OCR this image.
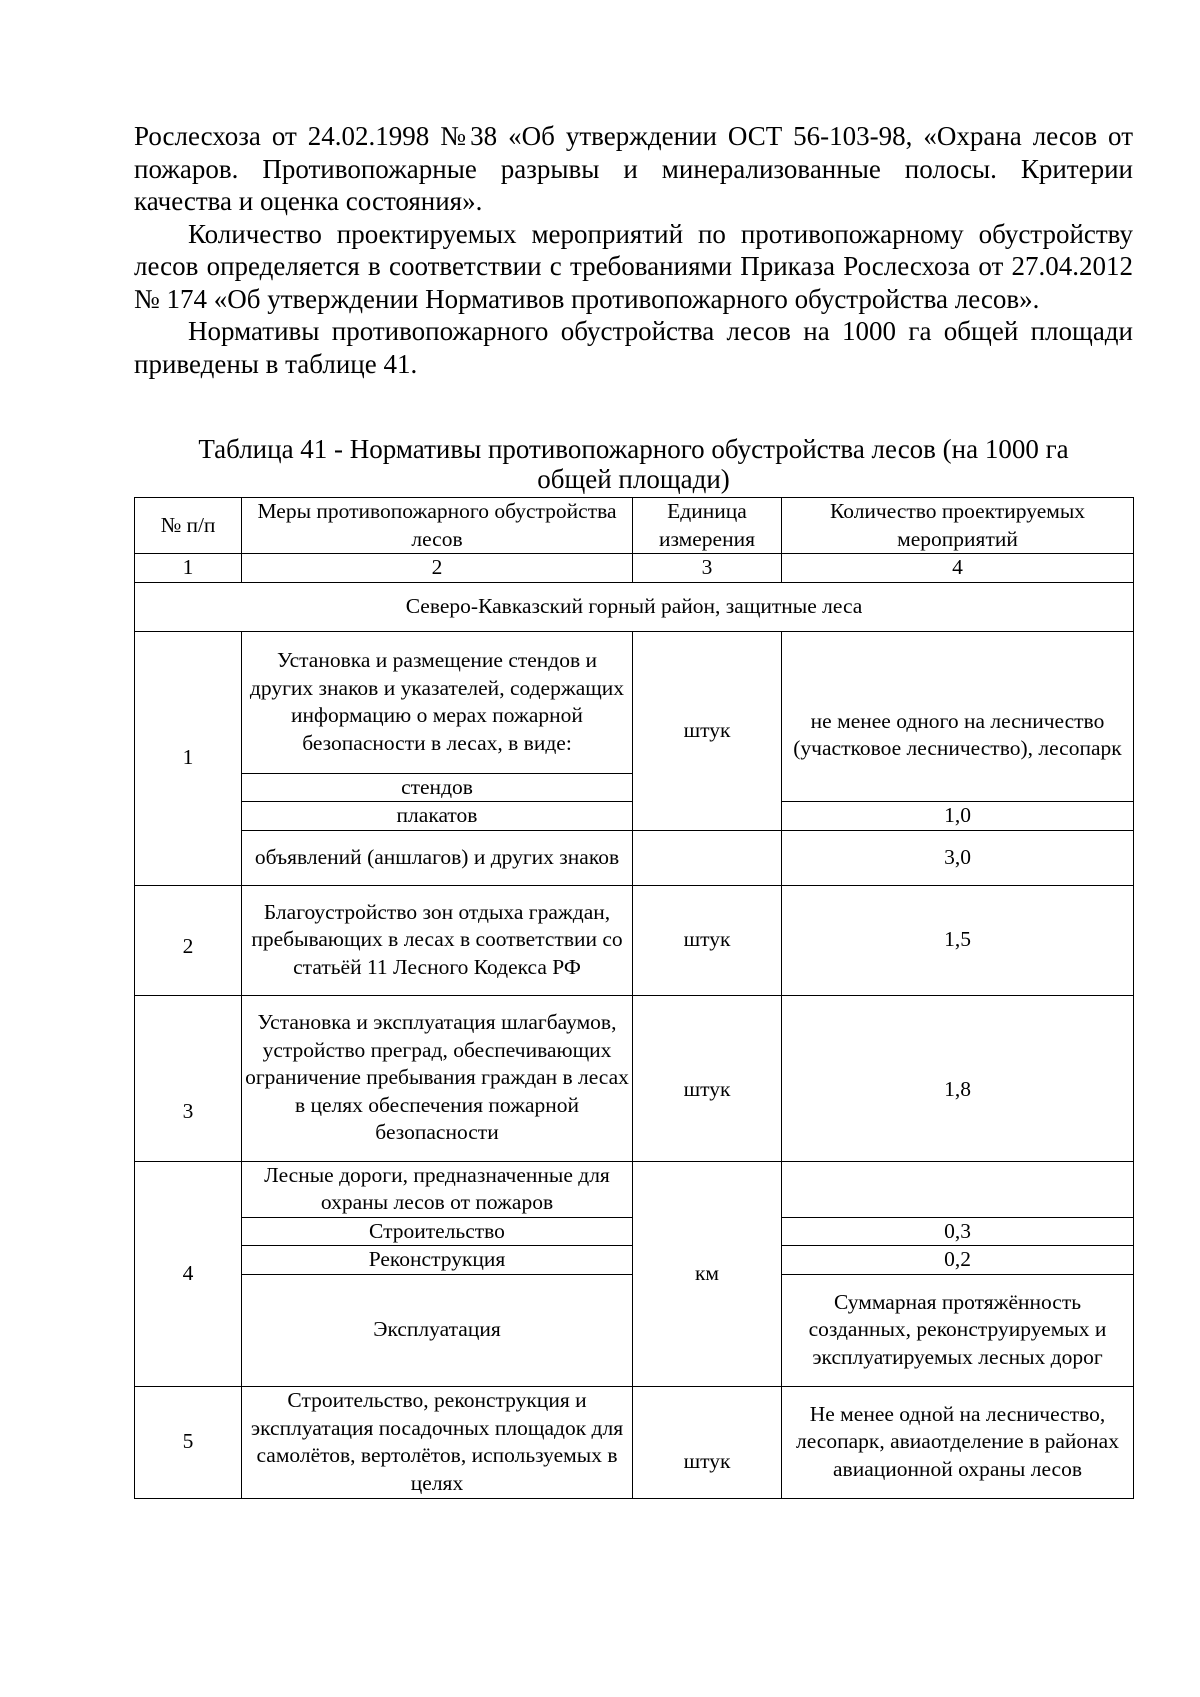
Рослесхоза от 24.02.1998 №38 «Об утверждении ОСТ 56-103-98, «Охрана лесов от пожаров. Противопожарные разрывы и минерализованные полосы. Критерии качества и оценка состояния».

Количество проектируемых мероприятий по противопожарному обустройству лесов определяется в соответствии с требованиями Приказа Рослесхоза от 27.04.2012 № 174 «Об утверждении Нормативов противопожарного обустройства лесов».

Нормативы противопожарного обустройства лесов на 1000 га общей площади приведены в таблице 41.

Таблица 41 - Нормативы противопожарного обустройства лесов (на 1000 га общей площади)
№ п/п	Меры противопожарного обустройства лесов	Единица измерения	Количество проектируемых мероприятий
1	2	3	4
Северо-Кавказский горный район, защитные леса			
1	Установка и размещение стендов и других знаков и указателей, содержащих информацию о мерах пожарной безопасности в лесах, в виде:	штук	не менее одного на лесничество (участковое лесничество), лесопарк
	стендов		
	плакатов		1,0
	объявлений (аншлагов) и других знаков		3,0
2	Благоустройство зон отдыха граждан, пребывающих в лесах в соответствии со статьёй 11 Лесного Кодекса РФ	штук	1,5
3	Установка и эксплуатация шлагбаумов, устройство преград, обеспечивающих ограничение пребывания граждан в лесах в целях обеспечения пожарной безопасности	штук	1,8
4	Лесные дороги, предназначенные для охраны лесов от пожаров	км	
	Строительство		0,3
	Реконструкция		0,2
	Эксплуатация		Суммарная протяжённость созданных, реконструируемых и эксплуатируемых лесных дорог
5	Строительство, реконструкция и эксплуатация посадочных площадок для самолётов, вертолётов, используемых в целях	штук	Не менее одной на лесничество, лесопарк, авиаотделение в районах авиационной охраны лесов
